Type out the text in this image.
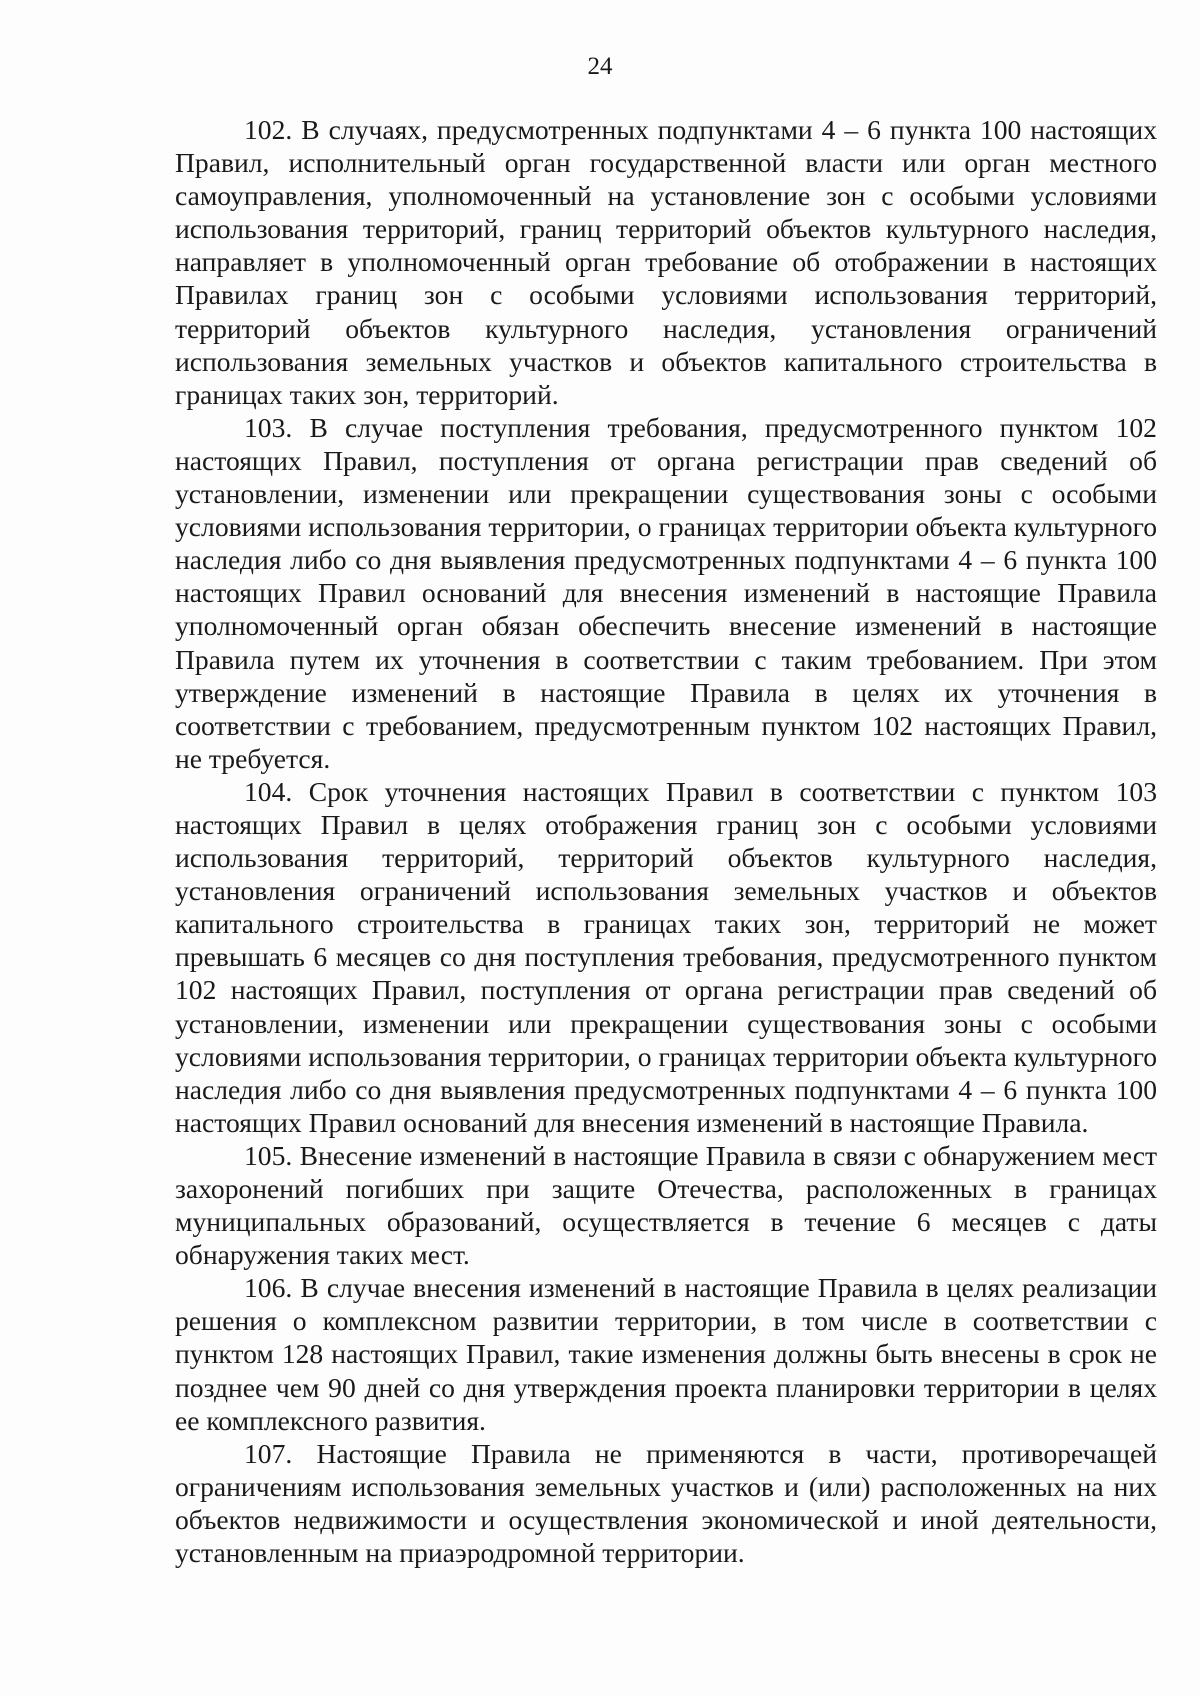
24

102. В случаях, предусмотренных подпунктами 4 – 6 пункта 100 настоящих Правил, исполнительный орган государственной власти или орган местного самоуправления, уполномоченный на установление зон с особыми условиями использования территорий, границ территорий объектов культурного наследия, направляет в уполномоченный орган требование об отображении в настоящих Правилах границ зон с особыми условиями использования территорий, территорий объектов культурного наследия, установления ограничений использования земельных участков и объектов капитального строительства в границах таких зон, территорий.

103. В случае поступления требования, предусмотренного пунктом 102 настоящих Правил, поступления от органа регистрации прав сведений об установлении, изменении или прекращении существования зоны с особыми условиями использования территории, о границах территории объекта культурного наследия либо со дня выявления предусмотренных подпунктами 4 – 6 пункта 100 настоящих Правил оснований для внесения изменений в настоящие Правила уполномоченный орган обязан обеспечить внесение изменений в настоящие Правила путем их уточнения в соответствии с таким требованием. При этом утверждение изменений в настоящие Правила в целях их уточнения в соответствии с требованием, предусмотренным пунктом 102 настоящих Правил, не требуется.

104. Срок уточнения настоящих Правил в соответствии с пунктом 103 настоящих Правил в целях отображения границ зон с особыми условиями использования территорий, территорий объектов культурного наследия, установления ограничений использования земельных участков и объектов капитального строительства в границах таких зон, территорий не может превышать 6 месяцев со дня поступления требования, предусмотренного пунктом 102 настоящих Правил, поступления от органа регистрации прав сведений об установлении, изменении или прекращении существования зоны с особыми условиями использования территории, о границах территории объекта культурного наследия либо со дня выявления предусмотренных подпунктами 4 – 6 пункта 100 настоящих Правил оснований для внесения изменений в настоящие Правила.

105. Внесение изменений в настоящие Правила в связи с обнаружением мест захоронений погибших при защите Отечества, расположенных в границах муниципальных образований, осуществляется в течение 6 месяцев с даты обнаружения таких мест.

106. В случае внесения изменений в настоящие Правила в целях реализации решения о комплексном развитии территории, в том числе в соответствии с пунктом 128 настоящих Правил, такие изменения должны быть внесены в срок не позднее чем 90 дней со дня утверждения проекта планировки территории в целях ее комплексного развития.

107. Настоящие Правила не применяются в части, противоречащей ограничениям использования земельных участков и (или) расположенных на них объектов недвижимости и осуществления экономической и иной деятельности, установленным на приаэродромной территории.
